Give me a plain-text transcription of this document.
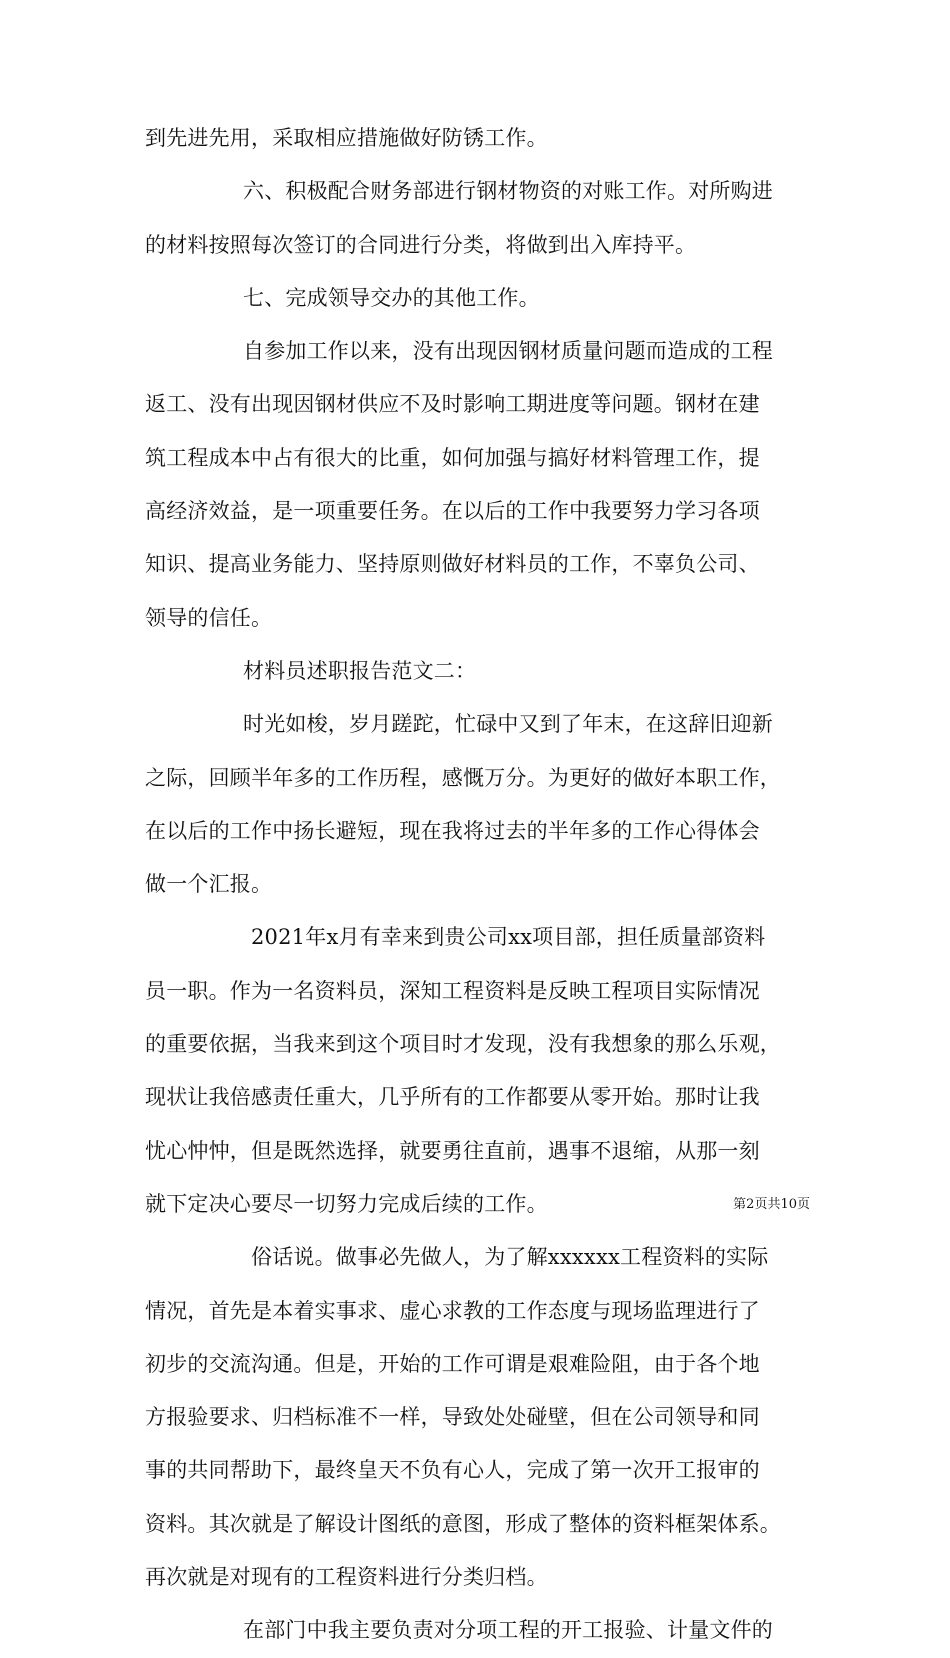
到先进先用，采取相应措施做好防锈工作。
六、积极配合财务部进行钢材物资的对账工作。对所购进
的材料按照每次签订的合同进行分类，将做到出入库持平。
七、完成领导交办的其他工作。
自参加工作以来，没有出现因钢材质量问题而造成的工程
返工、没有出现因钢材供应不及时影响工期进度等问题。钢材在建
筑工程成本中占有很大的比重，如何加强与搞好材料管理工作，提
高经济效益，是一项重要任务。在以后的工作中我要努力学习各项
知识、提高业务能力、坚持原则做好材料员的工作，不辜负公司、
领导的信任。
材料员述职报告范文二：
时光如梭，岁月蹉跎，忙碌中又到了年末，在这辞旧迎新
之际，回顾半年多的工作历程，感慨万分。为更好的做好本职工作，
在以后的工作中扬长避短，现在我将过去的半年多的工作心得体会
做一个汇报。
2021年x月有幸来到贵公司xx项目部，担任质量部资料
员一职。作为一名资料员，深知工程资料是反映工程项目实际情况
的重要依据，当我来到这个项目时才发现，没有我想象的那么乐观，
现状让我倍感责任重大，几乎所有的工作都要从零开始。那时让我
忧心忡忡，但是既然选择，就要勇往直前，遇事不退缩，从那一刻
就下定决心要尽一切努力完成后续的工作。
俗话说。做事必先做人，为了解xxxxxx工程资料的实际
情况，首先是本着实事求、虚心求教的工作态度与现场监理进行了
初步的交流沟通。但是，开始的工作可谓是艰难险阻，由于各个地
方报验要求、归档标准不一样，导致处处碰壁，但在公司领导和同
事的共同帮助下，最终皇天不负有心人，完成了第一次开工报审的
资料。其次就是了解设计图纸的意图，形成了整体的资料框架体系。
再次就是对现有的工程资料进行分类归档。
在部门中我主要负责对分项工程的开工报验、计量文件的
第2页共10页
